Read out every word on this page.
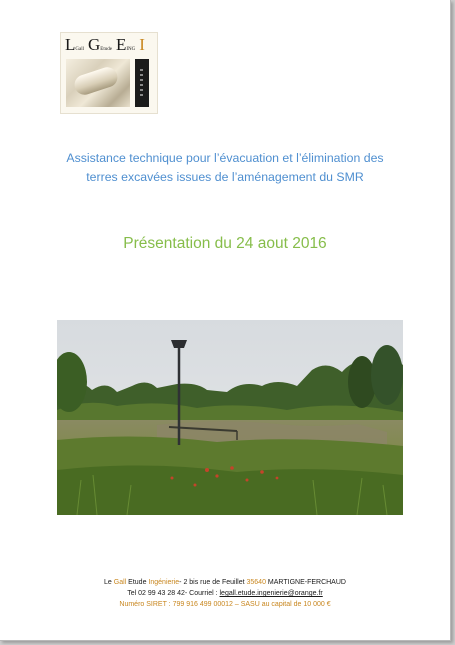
LGall GEtude EING I
Assistance technique pour l’évacuation et l’élimination des
terres excavées issues de l’aménagement du SMR
Présentation du 24 aout 2016
Le Gall Etude Ingénierie- 2 bis rue de Feuillet 35640 MARTIGNE-FERCHAUD
Tel 02 99 43 28 42- Courriel : legall.etude.ingenierie@orange.fr
Numéro SIRET : 799 916 499 00012 – SASU au capital de 10 000 €
